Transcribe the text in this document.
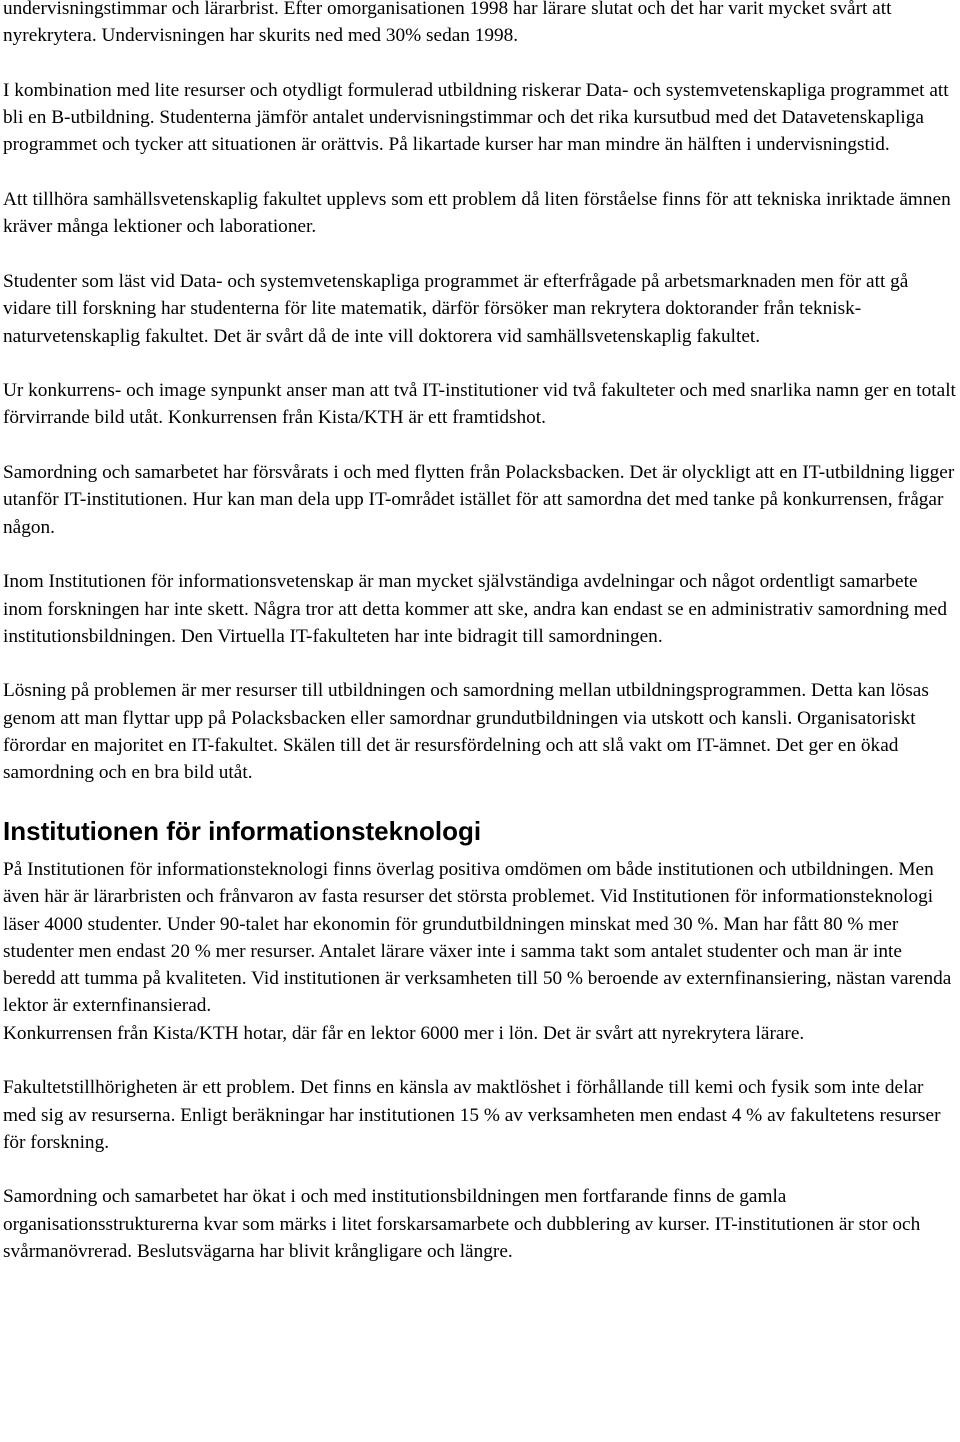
undervisningstimmar och lärarbrist. Efter omorganisationen 1998 har lärare slutat och det har varit mycket svårt att nyrekrytera. Undervisningen har skurits ned med 30% sedan 1998.

I kombination med lite resurser och otydligt formulerad utbildning riskerar Data- och systemvetenskapliga programmet att bli en B-utbildning. Studenterna jämför antalet undervisningstimmar och det rika kursutbud med det Datavetenskapliga programmet och tycker att situationen är orättvis. På likartade kurser har man mindre än hälften i undervisningstid.

Att tillhöra samhällsvetenskaplig fakultet upplevs som ett problem då liten förståelse finns för att tekniska inriktade ämnen kräver många lektioner och laborationer.

Studenter som läst vid Data- och systemvetenskapliga programmet är efterfrågade på arbetsmarknaden men för att gå vidare till forskning har studenterna för lite matematik, därför försöker man rekrytera doktorander från teknisk-naturvetenskaplig fakultet. Det är svårt då de inte vill doktorera vid samhällsvetenskaplig fakultet.

Ur konkurrens- och image synpunkt anser man att två IT-institutioner vid två fakulteter och med snarlika namn ger en totalt förvirrande bild utåt. Konkurrensen från Kista/KTH är ett framtidshot.

Samordning och samarbetet har försvårats i och med flytten från Polacksbacken. Det är olyckligt att en IT-utbildning ligger utanför IT-institutionen. Hur kan man dela upp IT-området istället för att samordna det med tanke på konkurrensen, frågar någon.

Inom Institutionen för informationsvetenskap är man mycket självständiga avdelningar och något ordentligt samarbete inom forskningen har inte skett. Några tror att detta kommer att ske, andra kan endast se en administrativ samordning med institutionsbildningen. Den Virtuella IT-fakulteten har inte bidragit till samordningen.

Lösning på problemen är mer resurser till utbildningen och samordning mellan utbildningsprogrammen. Detta kan lösas genom att man flyttar upp på Polacksbacken eller samordnar grundutbildningen via utskott och kansli. Organisatoriskt förordar en majoritet en IT-fakultet. Skälen till det är resursfördelning och att slå vakt om IT-ämnet. Det ger en ökad samordning och en bra bild utåt.

Institutionen för informationsteknologi

På Institutionen för informationsteknologi finns överlag positiva omdömen om både institutionen och utbildningen. Men även här är lärarbristen och frånvaron av fasta resurser det största problemet. Vid Institutionen för informationsteknologi läser 4000 studenter. Under 90-talet har ekonomin för grundutbildningen minskat med 30 %. Man har fått 80 % mer studenter men endast 20 % mer resurser. Antalet lärare växer inte i samma takt som antalet studenter och man är inte beredd att tumma på kvaliteten. Vid institutionen är verksamheten till 50 % beroende av externfinansiering, nästan varenda lektor är externfinansierad.

Konkurrensen från Kista/KTH hotar, där får en lektor 6000 mer i lön. Det är svårt att nyrekrytera lärare.

Fakultetstillhörigheten är ett problem. Det finns en känsla av maktlöshet i förhållande till kemi och fysik som inte delar med sig av resurserna. Enligt beräkningar har institutionen 15 % av verksamheten men endast 4 % av fakultetens resurser för forskning.

Samordning och samarbetet har ökat i och med institutionsbildningen men fortfarande finns de gamla organisationsstrukturerna kvar som märks i litet forskarsamarbete och dubblering av kurser. IT-institutionen är stor och svårmanövrerad. Beslutsvägarna har blivit krångligare och längre.
